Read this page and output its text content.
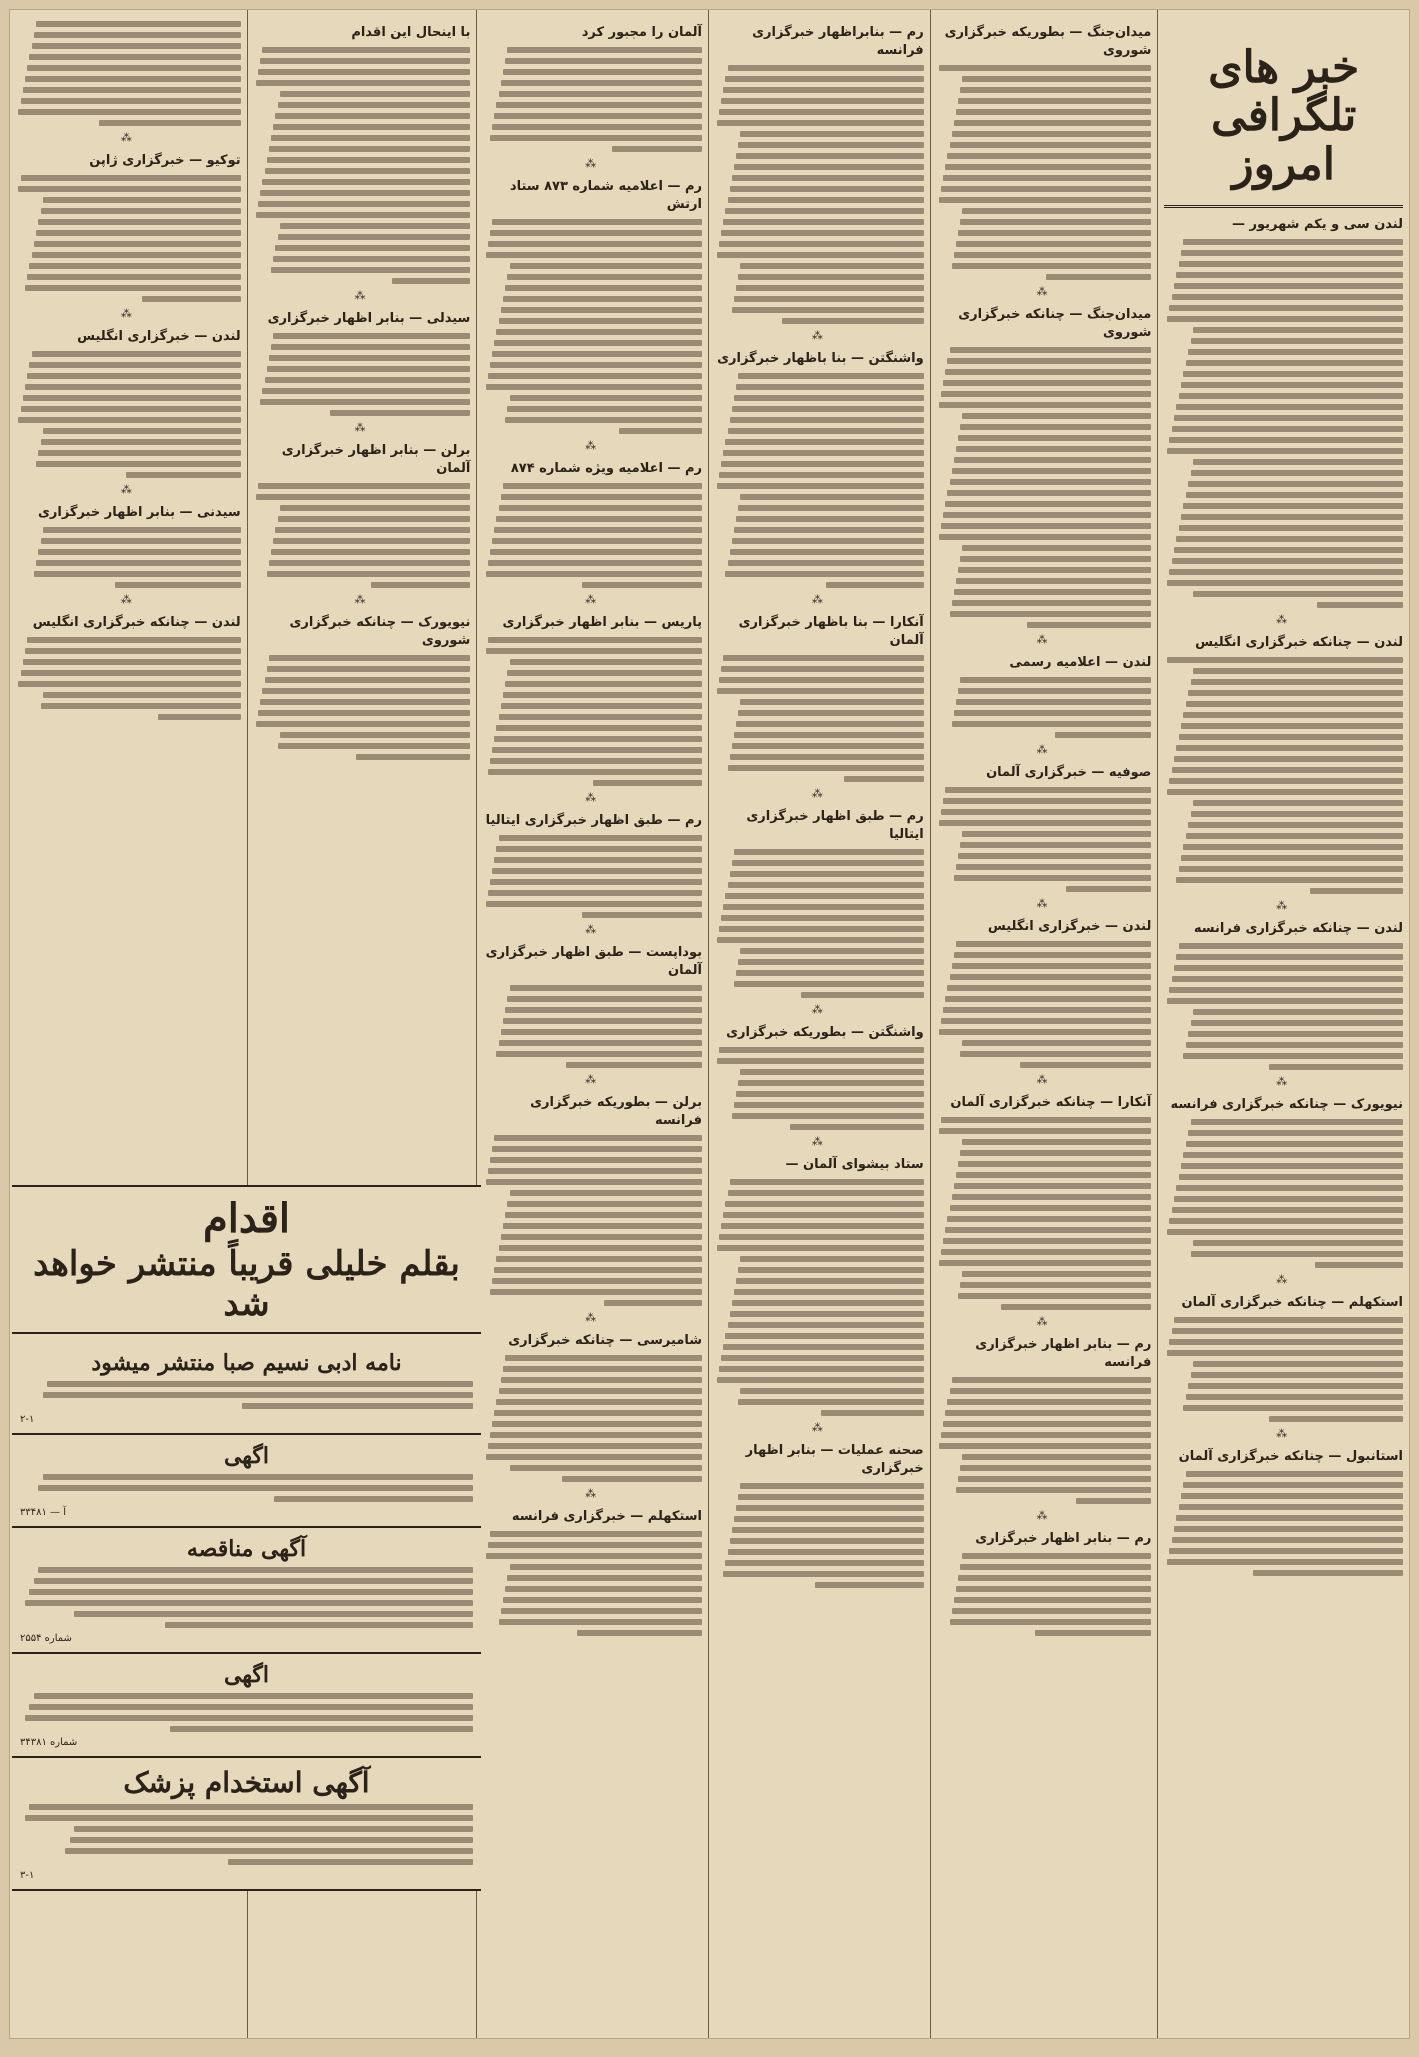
خبر های تلگرافی امروز
لندن سی و یکم شهریور —
⁂
لندن — چنانکه خبرگزاری انگلیس
⁂
لندن — چنانکه خبرگزاری فرانسه
⁂
نیویورک — چنانکه خبرگزاری فرانسه
⁂
استکهلم — چنانکه خبرگزاری آلمان
⁂
استانبول — چنانکه خبرگزاری آلمان
میدان‌جنگ — بطوریکه خبرگزاری شوروی
⁂
میدان‌جنگ — چنانکه خبرگزاری شوروی
⁂
لندن — اعلامیه رسمی
⁂
صوفیه — خبرگزاری آلمان
⁂
لندن — خبرگزاری انگلیس
⁂
آنکارا — چنانکه خبرگزاری آلمان
⁂
رم — بنابر اظهار خبرگزاری فرانسه
⁂
رم — بنابر اظهار خبرگزاری
رم — بنابراظهار خبرگزاری فرانسه
⁂
واشنگتن — بنا باظهار خبرگزاری
⁂
آنکارا — بنا باظهار خبرگزاری آلمان
⁂
رم — طبق اظهار خبرگزاری ایتالیا
⁂
واشنگتن — بطوریکه خبرگزاری
⁂
ستاد بیشوای آلمان —
⁂
صحنه عملیات — بنابر اظهار خبرگزاری
آلمان را مجبور کرد
⁂
رم — اعلامیه شماره ۸۷۳ ستاد ارتش
⁂
رم — اعلامیه ویژه شماره ۸۷۴
⁂
پاریس — بنابر اظهار خبرگزاری
⁂
رم — طبق اظهار خبرگزاری ایتالیا
⁂
بوداپست — طبق اظهار خبرگزاری آلمان
⁂
برلن — بطوریکه خبرگزاری فرانسه
⁂
شامیرسی — چنانکه خبرگزاری
⁂
استکهلم — خبرگزاری فرانسه
با اینحال این اقدام
⁂
سیدلی — بنابر اظهار خبرگزاری
⁂
برلن — بنابر اظهار خبرگزاری آلمان
⁂
نیویورک — چنانکه خبرگزاری شوروی
⁂
توکیو — خبرگزاری ژاپن
⁂
لندن — خبرگزاری انگلیس
⁂
سیدنی — بنابر اظهار خبرگزاری
⁂
لندن — چنانکه خبرگزاری انگلیس
اقدام
بقلم خلیلی قریباً منتشر خواهد شد
نامه ادبی نسیم صبا منتشر میشود
۲-۱
اگهی
آ — ۳۳۴۸۱
آگهی مناقصه
شماره ۲۵۵۴
اگهی
شماره ۳۴۳۸۱
آگهی استخدام پزشک
۳-۱
